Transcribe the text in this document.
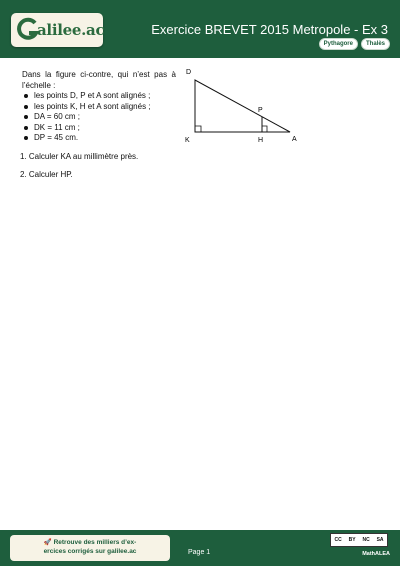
alilee.ac	Exercice BREVET 2015 Metropole - Ex 3
Pythagore	Thalès

Dans la figure ci-contre, qui n’est pas à l’échelle :

les points D, P et A sont alignés ;
les points K, H et A sont alignés ;
DA = 60 cm ;
DK = 11 cm ;
DP = 45 cm.
D
P
K	H	A
1. Calculer KA au millimètre près.
2. Calculer HP.
🚀 Retrouve des milliers d’ex-
ercices corrigés sur galilee.ac	Page 1
CC BY NC SA
MathALEA
